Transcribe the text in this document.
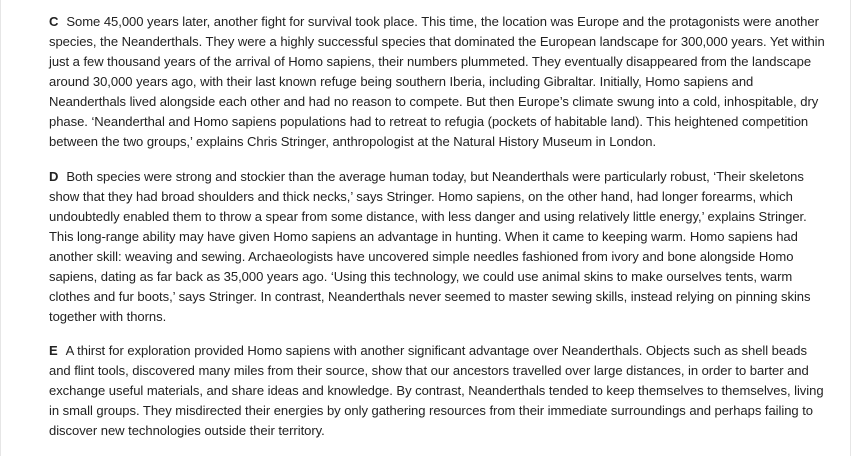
C Some 45,000 years later, another fight for survival took place. This time, the location was Europe and the protagonists were another species, the Neanderthals. They were a highly successful species that dominated the European landscape for 300,000 years. Yet within just a few thousand years of the arrival of Homo sapiens, their numbers plummeted. They eventually disappeared from the landscape around 30,000 years ago, with their last known refuge being southern Iberia, including Gibraltar. Initially, Homo sapiens and Neanderthals lived alongside each other and had no reason to compete. But then Europe’s climate swung into a cold, inhospitable, dry phase. ‘Neanderthal and Homo sapiens populations had to retreat to refugia (pockets of habitable land). This heightened competition between the two groups,’ explains Chris Stringer, anthropologist at the Natural History Museum in London.

D Both species were strong and stockier than the average human today, but Neanderthals were particularly robust, ‘Their skeletons show that they had broad shoulders and thick necks,’ says Stringer. Homo sapiens, on the other hand, had longer forearms, which undoubtedly enabled them to throw a spear from some distance, with less danger and using relatively little energy,’ explains Stringer. This long-range ability may have given Homo sapiens an advantage in hunting. When it came to keeping warm. Homo sapiens had another skill: weaving and sewing. Archaeologists have uncovered simple needles fashioned from ivory and bone alongside Homo sapiens, dating as far back as 35,000 years ago. ‘Using this technology, we could use animal skins to make ourselves tents, warm clothes and fur boots,’ says Stringer. In contrast, Neanderthals never seemed to master sewing skills, instead relying on pinning skins together with thorns.

E A thirst for exploration provided Homo sapiens with another significant advantage over Neanderthals. Objects such as shell beads and flint tools, discovered many miles from their source, show that our ancestors travelled over large distances, in order to barter and exchange useful materials, and share ideas and knowledge. By contrast, Neanderthals tended to keep themselves to themselves, living in small groups. They misdirected their energies by only gathering resources from their immediate surroundings and perhaps failing to discover new technologies outside their territory.
